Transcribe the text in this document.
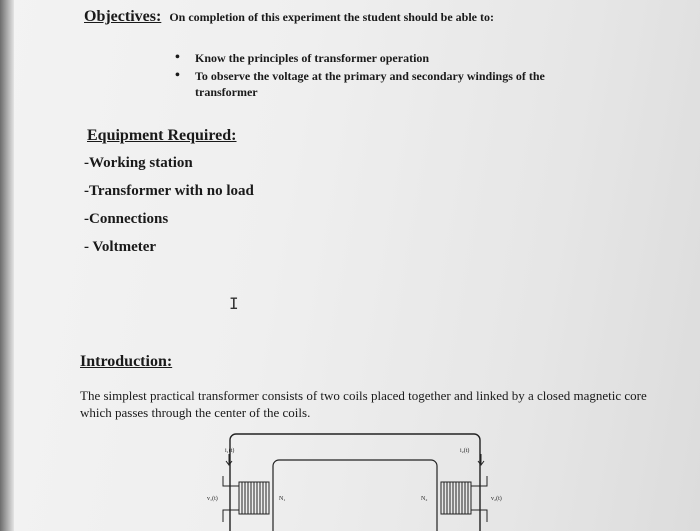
Objectives: On completion of this experiment the student should be able to:
• Know the principles of transformer operation
• To observe the voltage at the primary and secondary windings of the transformer
Equipment Required:
-Working station
-Transformer with no load
-Connections
- Voltmeter
I
Introduction:
The simplest practical transformer consists of two coils placed together and linked by a closed magnetic core which passes through the center of the coils.
i₁(t)	i₂(t)
v₁(t)	v₂(t)
N₁	N₂
